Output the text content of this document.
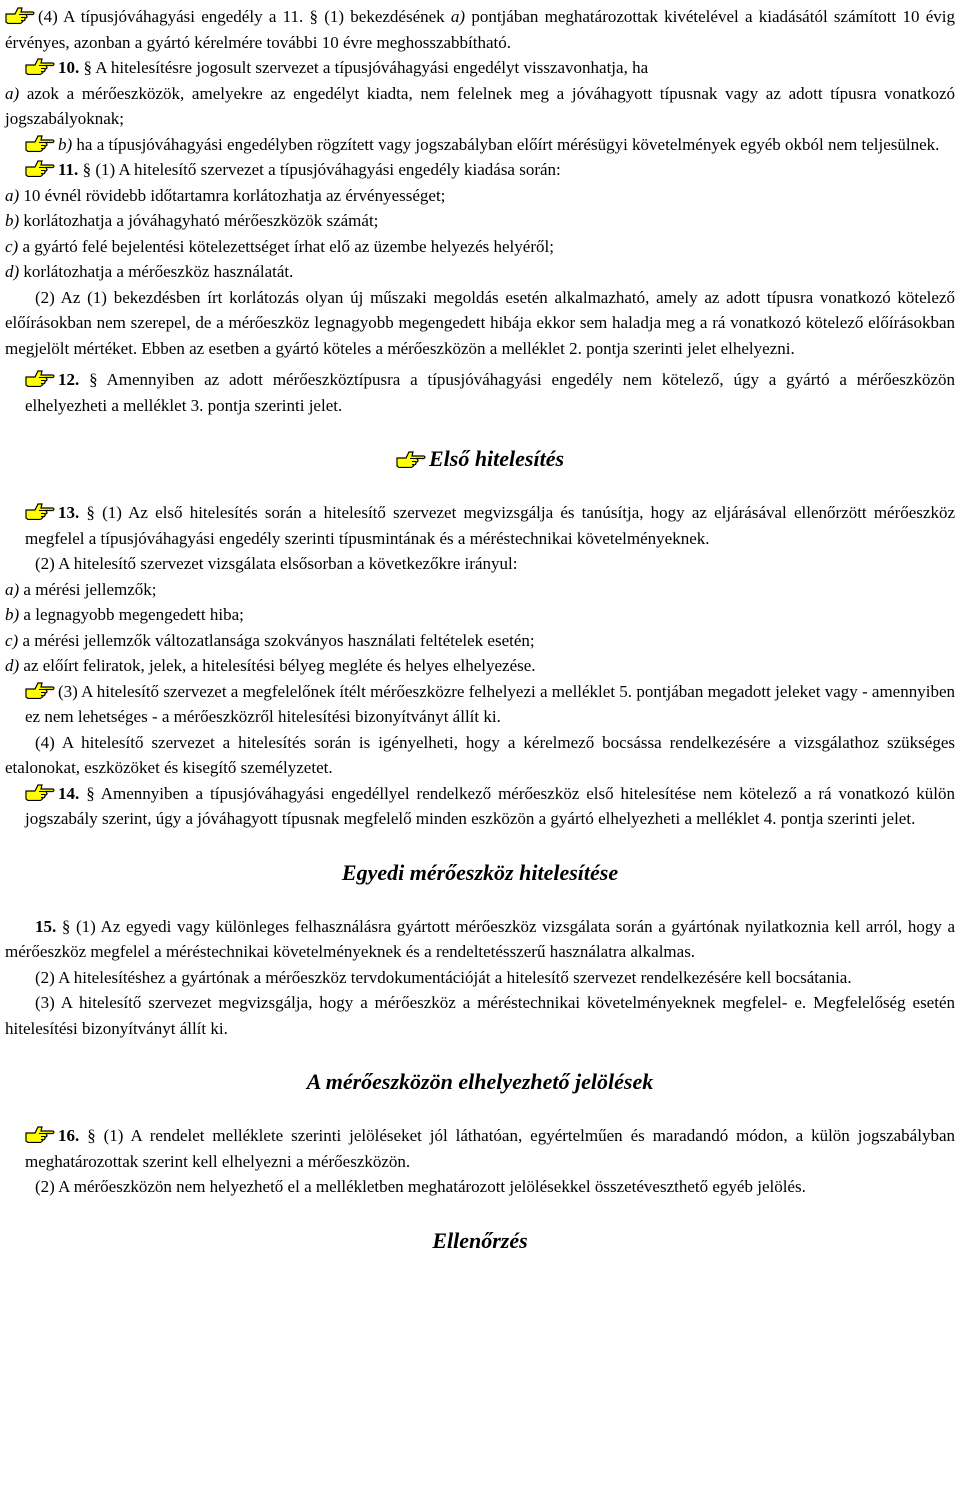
(4) A típusjóváhagyási engedély a 11. § (1) bekezdésének a) pontjában meghatározottak kivételével a kiadásától számított 10 évig érvényes, azonban a gyártó kérelmére további 10 évre meghosszabbítható.

10. § A hitelesítésre jogosult szervezet a típusjóváhagyási engedélyt visszavonhatja, ha

a) azok a mérőeszközök, amelyekre az engedélyt kiadta, nem felelnek meg a jóváhagyott típusnak vagy az adott típusra vonatkozó jogszabályoknak;

b) ha a típusjóváhagyási engedélyben rögzített vagy jogszabályban előírt mérésügyi követelmények egyéb okból nem teljesülnek.

11. § (1) A hitelesítő szervezet a típusjóváhagyási engedély kiadása során:

a) 10 évnél rövidebb időtartamra korlátozhatja az érvényességet;

b) korlátozhatja a jóváhagyható mérőeszközök számát;

c) a gyártó felé bejelentési kötelezettséget írhat elő az üzembe helyezés helyéről;

d) korlátozhatja a mérőeszköz használatát.

(2) Az (1) bekezdésben írt korlátozás olyan új műszaki megoldás esetén alkalmazható, amely az adott típusra vonatkozó kötelező előírásokban nem szerepel, de a mérőeszköz legnagyobb megengedett hibája ekkor sem haladja meg a rá vonatkozó kötelező előírásokban megjelölt mértéket. Ebben az esetben a gyártó köteles a mérőeszközön a melléklet 2. pontja szerinti jelet elhelyezni.

12. § Amennyiben az adott mérőeszköztípusra a típusjóváhagyási engedély nem kötelező, úgy a gyártó a mérőeszközön elhelyezheti a melléklet 3. pontja szerinti jelet.

Első hitelesítés

13. § (1) Az első hitelesítés során a hitelesítő szervezet megvizsgálja és tanúsítja, hogy az eljárásával ellenőrzött mérőeszköz megfelel a típusjóváhagyási engedély szerinti típusmintának és a méréstechnikai követelményeknek.

(2) A hitelesítő szervezet vizsgálata elsősorban a következőkre irányul:

a) a mérési jellemzők;

b) a legnagyobb megengedett hiba;

c) a mérési jellemzők változatlansága szokványos használati feltételek esetén;

d) az előírt feliratok, jelek, a hitelesítési bélyeg megléte és helyes elhelyezése.

(3) A hitelesítő szervezet a megfelelőnek ítélt mérőeszközre felhelyezi a melléklet 5. pontjában megadott jeleket vagy - amennyiben ez nem lehetséges - a mérőeszközről hitelesítési bizonyítványt állít ki.

(4) A hitelesítő szervezet a hitelesítés során is igényelheti, hogy a kérelmező bocsássa rendelkezésére a vizsgálathoz szükséges etalonokat, eszközöket és kisegítő személyzetet.

14. § Amennyiben a típusjóváhagyási engedéllyel rendelkező mérőeszköz első hitelesítése nem kötelező a rá vonatkozó külön jogszabály szerint, úgy a jóváhagyott típusnak megfelelő minden eszközön a gyártó elhelyezheti a melléklet 4. pontja szerinti jelet.

Egyedi mérőeszköz hitelesítése

15. § (1) Az egyedi vagy különleges felhasználásra gyártott mérőeszköz vizsgálata során a gyártónak nyilatkoznia kell arról, hogy a mérőeszköz megfelel a méréstechnikai követelményeknek és a rendeltetésszerű használatra alkalmas.

(2) A hitelesítéshez a gyártónak a mérőeszköz tervdokumentációját a hitelesítő szervezet rendelkezésére kell bocsátania.

(3) A hitelesítő szervezet megvizsgálja, hogy a mérőeszköz a méréstechnikai követelményeknek megfelel- e. Megfelelőség esetén hitelesítési bizonyítványt állít ki.

A mérőeszközön elhelyezhető jelölések

16. § (1) A rendelet melléklete szerinti jelöléseket jól láthatóan, egyértelműen és maradandó módon, a külön jogszabályban meghatározottak szerint kell elhelyezni a mérőeszközön.

(2) A mérőeszközön nem helyezhető el a mellékletben meghatározott jelölésekkel összetéveszthető egyéb jelölés.

Ellenőrzés
